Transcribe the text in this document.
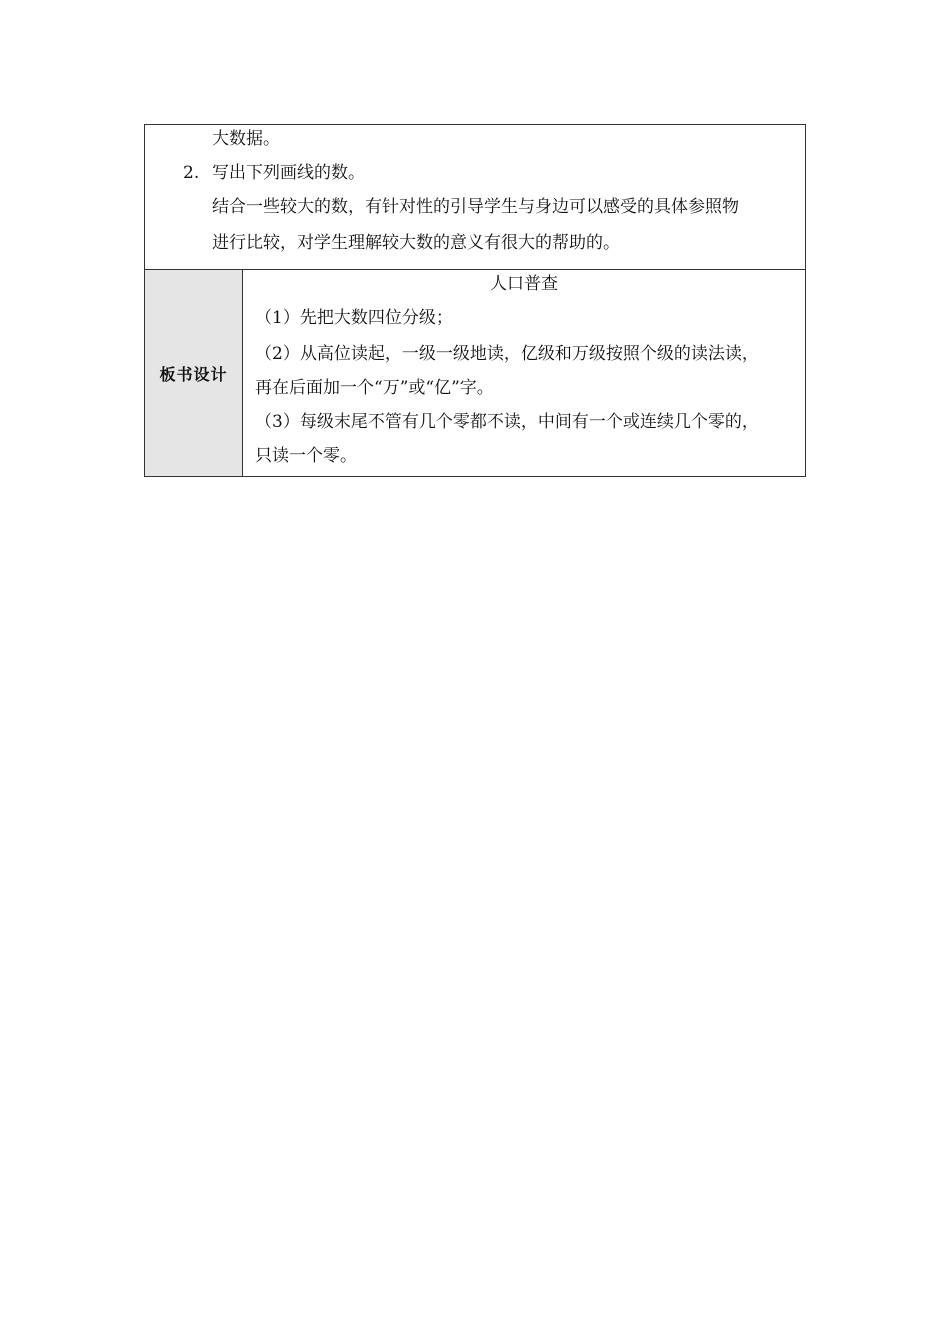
大数据。
2. 写出下列画线的数。
结合一些较大的数，有针对性的引导学生与身边可以感受的具体参照物
进行比较，对学生理解较大数的意义有很大的帮助的。
板书设计
人口普查
（1）先把大数四位分级；
（2）从高位读起，一级一级地读，亿级和万级按照个级的读法读，
再在后面加一个“万”或“亿”字。
（3）每级末尾不管有几个零都不读，中间有一个或连续几个零的，
只读一个零。
